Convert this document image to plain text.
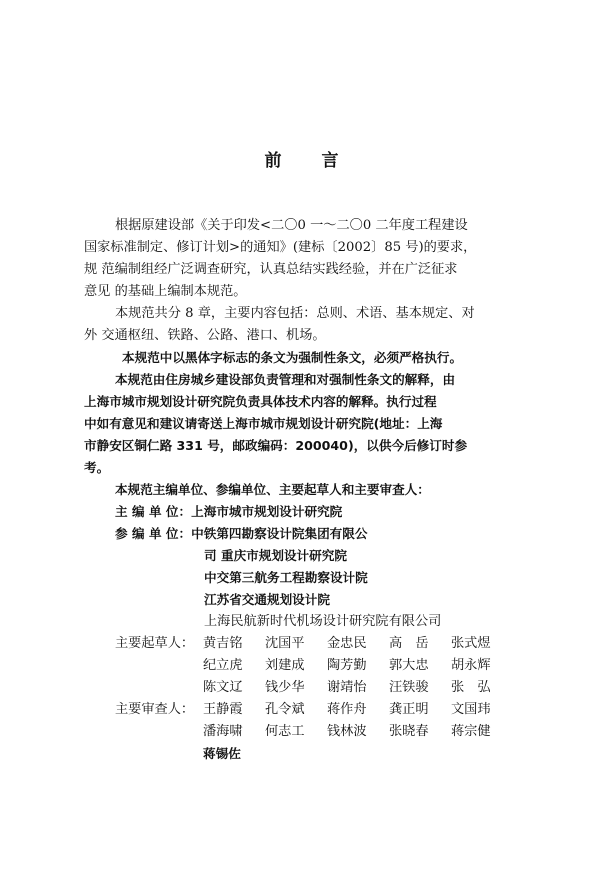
前 言
根据原建设部《关于印发<二〇0 一～二〇0 二年度工程建设
国家标准制定、修订计划>的通知》(建标〔2002〕85 号)的要求，
规 范编制组经广泛调查研究，认真总结实践经验，并在广泛征求
意见 的基础上编制本规范。
本规范共分 8 章，主要内容包括：总则、术语、基本规定、对
外 交通枢纽、铁路、公路、港口、机场。
本规范中以黑体字标志的条文为强制性条文，必须严格执行。
本规范由住房城乡建设部负责管理和对强制性条文的解释，由
上海市城市规划设计研究院负责具体技术内容的解释。执行过程
中如有意见和建议请寄送上海市城市规划设计研究院(地址：上海
市静安区铜仁路 331 号，邮政编码：200040)，以供今后修订时参
考。
本规范主编单位、参编单位、主要起草人和主要审查人：
主 编 单 位：上海市城市规划设计研究院
参 编 单 位：中铁第四勘察设计院集团有限公
司 重庆市规划设计研究院
中交第三航务工程勘察设计院
江苏省交通规划设计院
上海民航新时代机场设计研究院有限公司
主要起草人： 黄吉铭 沈国平 金忠民 高　岳 张式煜
纪立虎 刘建成 陶芳勤 郭大忠 胡永辉
陈文辽 钱少华 谢靖怡 汪铁骏 张　弘
主要审查人： 王静霞 孔令斌 蒋作舟 龚正明 文国玮
潘海啸 何志工 钱林波 张晓春 蒋宗健
蒋锡佐
